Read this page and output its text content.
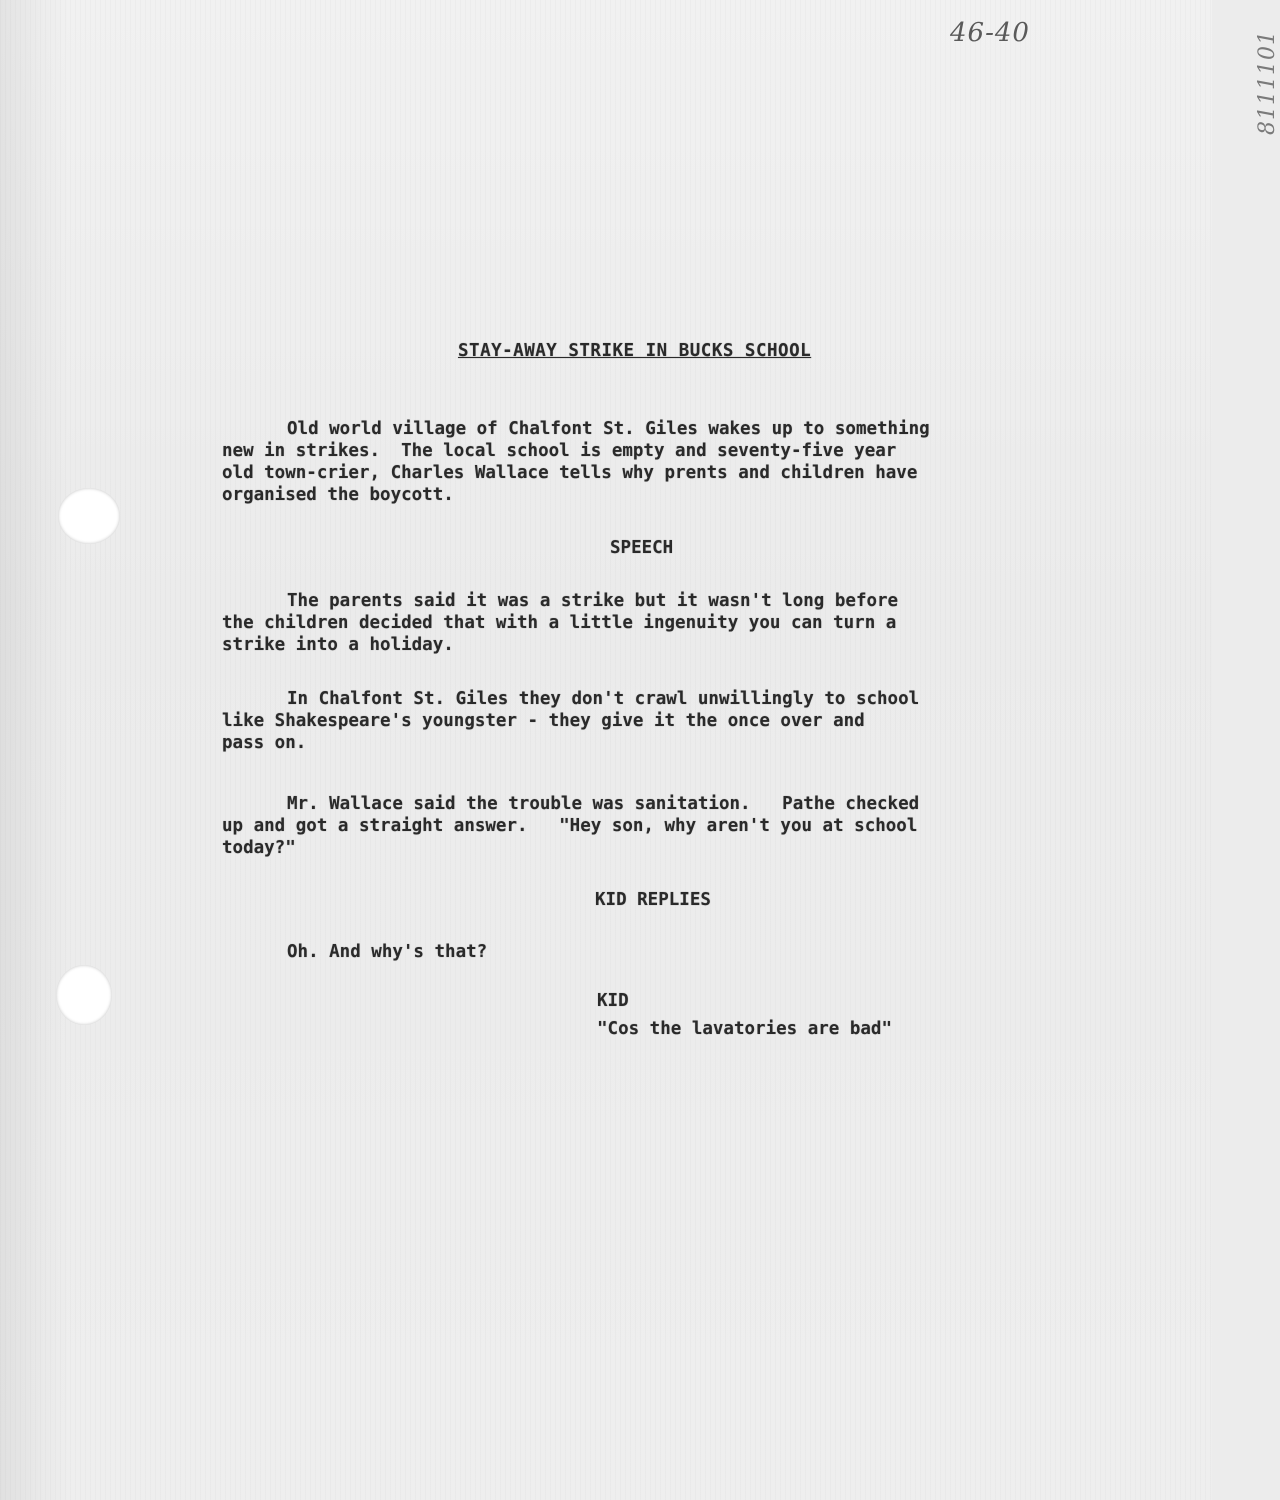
46-40	8111101
STAY-AWAY STRIKE IN BUCKS SCHOOL
Old world village of Chalfont St. Giles wakes up to something
new in strikes.  The local school is empty and seventy-five year
old town-crier, Charles Wallace tells why prents and children have
organised the boycott.
SPEECH
The parents said it was a strike but it wasn't long before
the children decided that with a little ingenuity you can turn a
strike into a holiday.
In Chalfont St. Giles they don't crawl unwillingly to school
like Shakespeare's youngster - they give it the once over and
pass on.
Mr. Wallace said the trouble was sanitation.   Pathe checked
up and got a straight answer.   "Hey son, why aren't you at school
today?"
KID REPLIES
Oh. And why's that?
KID
"Cos the lavatories are bad"
